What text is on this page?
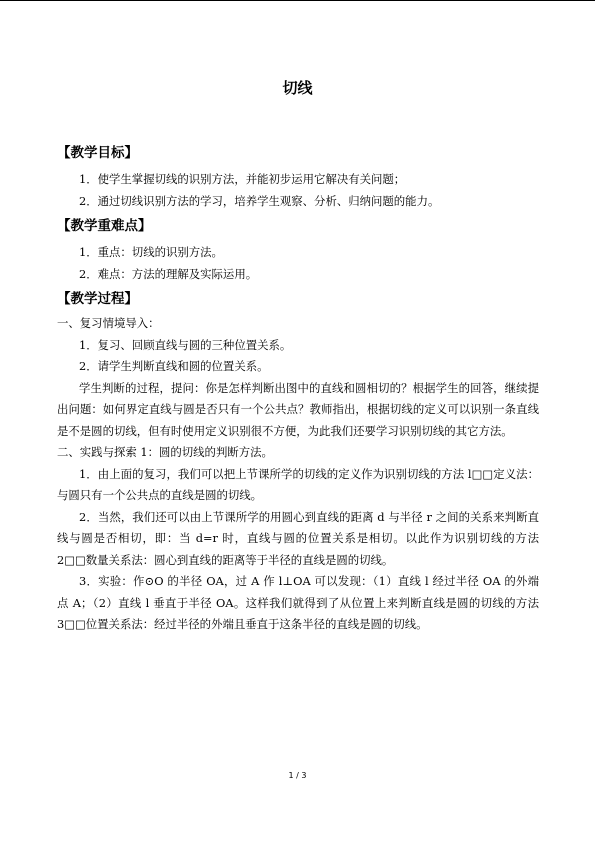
切线

【教学目标】

1．使学生掌握切线的识别方法，并能初步运用它解决有关问题；

2．通过切线识别方法的学习，培养学生观察、分析、归纳问题的能力。

【教学重难点】

1．重点：切线的识别方法。

2．难点：方法的理解及实际运用。

【教学过程】

一、复习情境导入：

1．复习、回顾直线与圆的三种位置关系。

2．请学生判断直线和圆的位置关系。

学生判断的过程，提问：你是怎样判断出图中的直线和圆相切的？根据学生的回答，继续提出问题：如何界定直线与圆是否只有一个公共点？教师指出，根据切线的定义可以识别一条直线是不是圆的切线，但有时使用定义识别很不方便，为此我们还要学习识别切线的其它方法。

二、实践与探索 1：圆的切线的判断方法。

1．由上面的复习，我们可以把上节课所学的切线的定义作为识别切线的方法 l□□定义法：与圆只有一个公共点的直线是圆的切线。

2．当然，我们还可以由上节课所学的用圆心到直线的距离 d 与半径 r 之间的关系来判断直线与圆是否相切，即：当 d=r 时，直线与圆的位置关系是相切。以此作为识别切线的方法 2□□数量关系法：圆心到直线的距离等于半径的直线是圆的切线。

3．实验：作⊙O 的半径 OA，过 A 作 l⊥OA 可以发现：（1）直线 l 经过半径 OA 的外端点 A；（2）直线 l 垂直于半径 OA。这样我们就得到了从位置上来判断直线是圆的切线的方法 3□□位置关系法：经过半径的外端且垂直于这条半径的直线是圆的切线。

1 / 3
